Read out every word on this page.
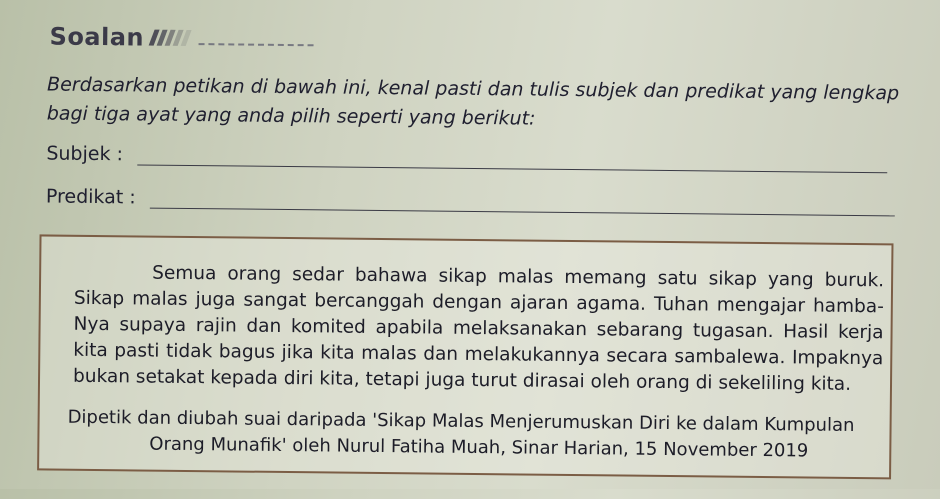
Soalan
Berdasarkan petikan di bawah ini, kenal pasti dan tulis subjek dan predikat yang lengkap bagi tiga ayat yang anda pilih seperti yang berikut:
Subjek :
Predikat :
Semua orang sedar bahawa sikap malas memang satu sikap yang buruk. Sikap malas juga sangat bercanggah dengan ajaran agama. Tuhan mengajar hamba-Nya supaya rajin dan komited apabila melaksanakan sebarang tugasan. Hasil kerja kita pasti tidak bagus jika kita malas dan melakukannya secara sambalewa. Impaknya bukan setakat kepada diri kita, tetapi juga turut dirasai oleh orang di sekeliling kita.
Dipetik dan diubah suai daripada 'Sikap Malas Menjerumuskan Diri ke dalam Kumpulan
Orang Munafik' oleh Nurul Fatiha Muah, Sinar Harian, 15 November 2019
